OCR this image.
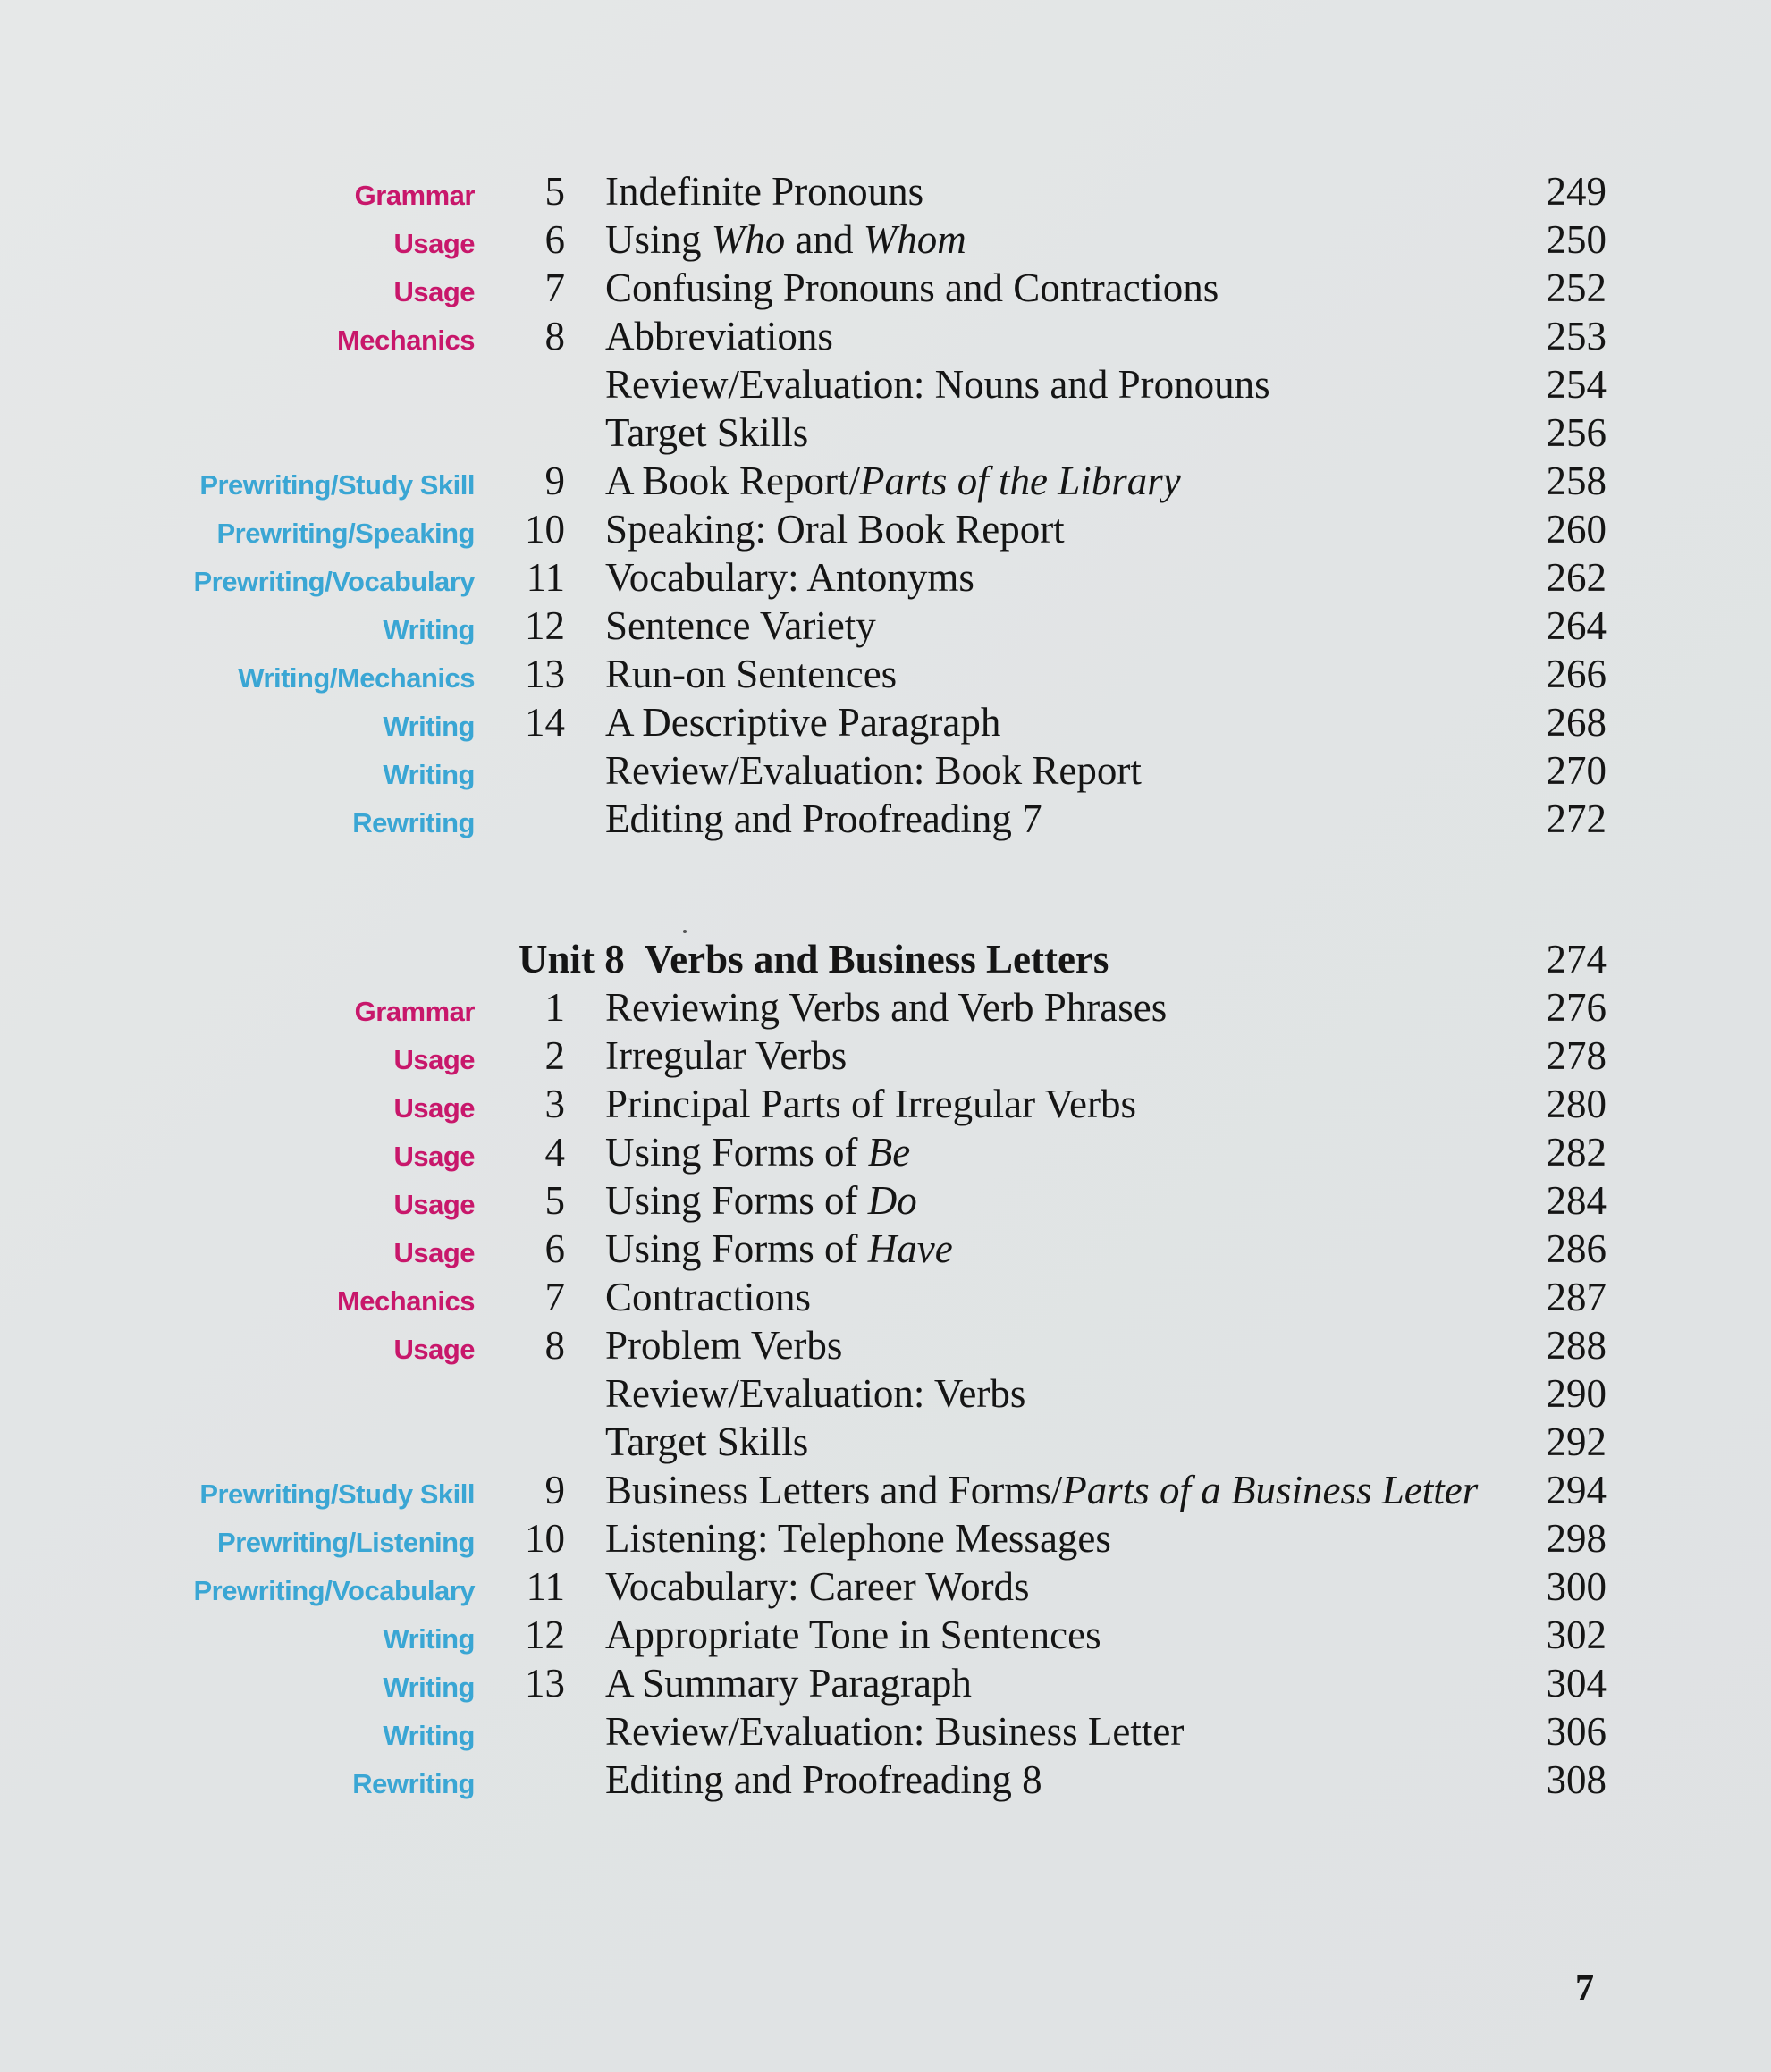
Grammar 5 Indefinite Pronouns	249
Usage 6 Using Who and Whom	250
Usage 7 Confusing Pronouns and Contractions	252
Mechanics 8 Abbreviations	253
Review/Evaluation: Nouns and Pronouns	254
Target Skills	256
Prewriting/Study Skill 9 A Book Report/Parts of the Library	258
Prewriting/Speaking 10 Speaking: Oral Book Report	260
Prewriting/Vocabulary 11 Vocabulary: Antonyms	262
Writing 12 Sentence Variety	264
Writing/Mechanics 13 Run-on Sentences	266
Writing 14 A Descriptive Paragraph	268
Writing	Review/Evaluation: Book Report	270
Rewriting	Editing and Proofreading 7	272
Unit 8 Verbs and Business Letters	274
Grammar 1 Reviewing Verbs and Verb Phrases	276
Usage 2 Irregular Verbs	278
Usage 3 Principal Parts of Irregular Verbs	280
Usage 4 Using Forms of Be	282
Usage 5 Using Forms of Do	284
Usage 6 Using Forms of Have	286
Mechanics 7 Contractions	287
Usage 8 Problem Verbs	288
Review/Evaluation: Verbs	290
Target Skills	292
Prewriting/Study Skill 9 Business Letters and Forms/Parts of a Business Letter 294
Prewriting/Listening 10 Listening: Telephone Messages	298
Prewriting/Vocabulary 11 Vocabulary: Career Words	300
Writing 12 Appropriate Tone in Sentences	302
Writing 13 A Summary Paragraph	304
Writing	Review/Evaluation: Business Letter	306
Rewriting	Editing and Proofreading 8	308
7
